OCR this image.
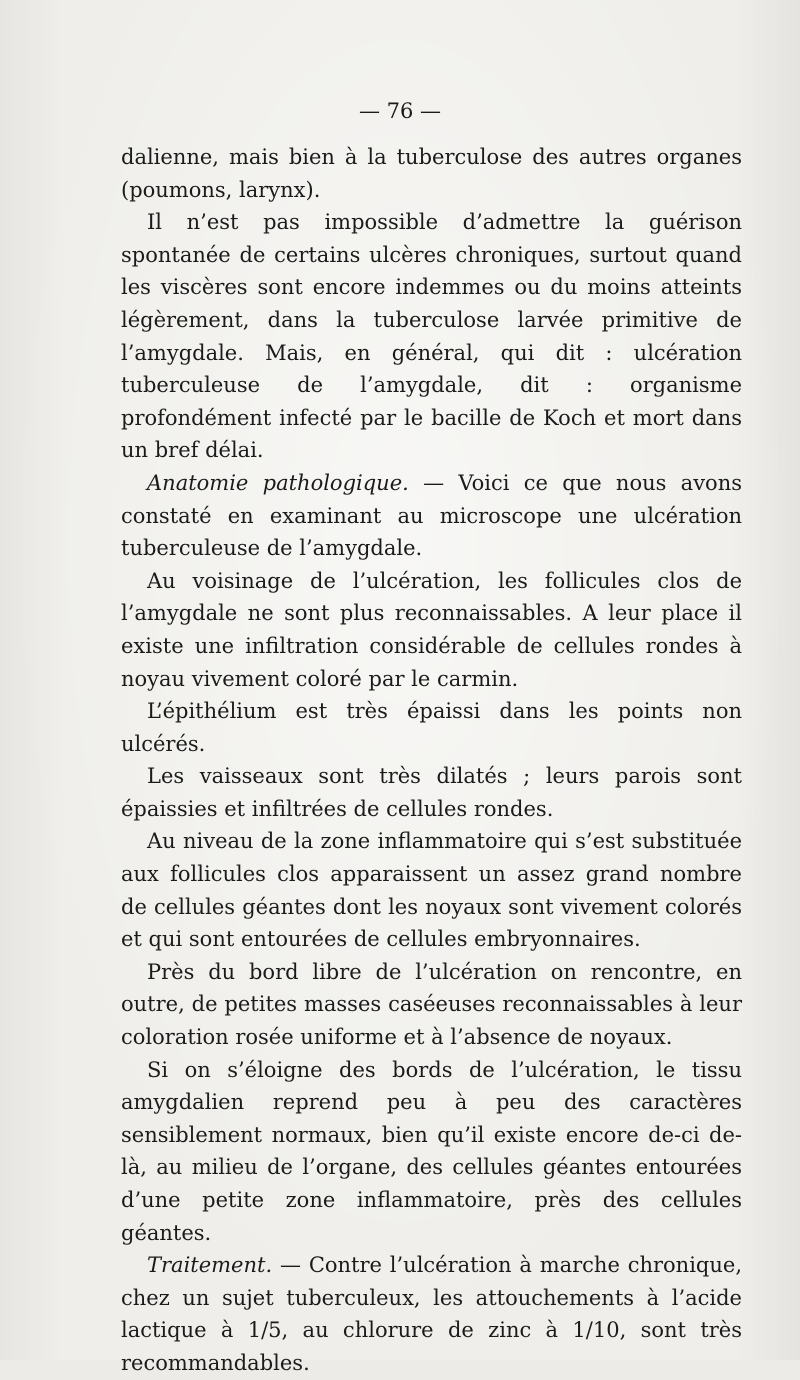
— 76 —

dalienne, mais bien à la tuberculose des autres organes (poumons, larynx).

Il n’est pas impossible d’admettre la guérison spontanée de certains ulcères chroniques, surtout quand les viscères sont encore indemmes ou du moins atteints légèrement, dans la tuberculose larvée primitive de l’amygdale. Mais, en général, qui dit : ulcération tuberculeuse de l’amygdale, dit : organisme profondément infecté par le bacille de Koch et mort dans un bref délai.

Anatomie pathologique. — Voici ce que nous avons constaté en examinant au microscope une ulcération tuberculeuse de l’amygdale.

Au voisinage de l’ulcération, les follicules clos de l’amygdale ne sont plus reconnaissables. A leur place il existe une infiltration considérable de cellules rondes à noyau vivement coloré par le carmin.

L’épithélium est très épaissi dans les points non ulcérés.

Les vaisseaux sont très dilatés ; leurs parois sont épaissies et infiltrées de cellules rondes.

Au niveau de la zone inflammatoire qui s’est substituée aux follicules clos apparaissent un assez grand nombre de cellules géantes dont les noyaux sont vivement colorés et qui sont entourées de cellules embryonnaires.

Près du bord libre de l’ulcération on rencontre, en outre, de petites masses caséeuses reconnaissables à leur coloration rosée uniforme et à l’absence de noyaux.

Si on s’éloigne des bords de l’ulcération, le tissu amygdalien reprend peu à peu des caractères sensiblement normaux, bien qu’il existe encore de-ci de-là, au milieu de l’organe, des cellules géantes entourées d’une petite zone inflammatoire, près des cellules géantes.

Traitement. — Contre l’ulcération à marche chronique, chez un sujet tuberculeux, les attouchements à l’acide lactique à 1/5, au chlorure de zinc à 1/10, sont très recommandables.
